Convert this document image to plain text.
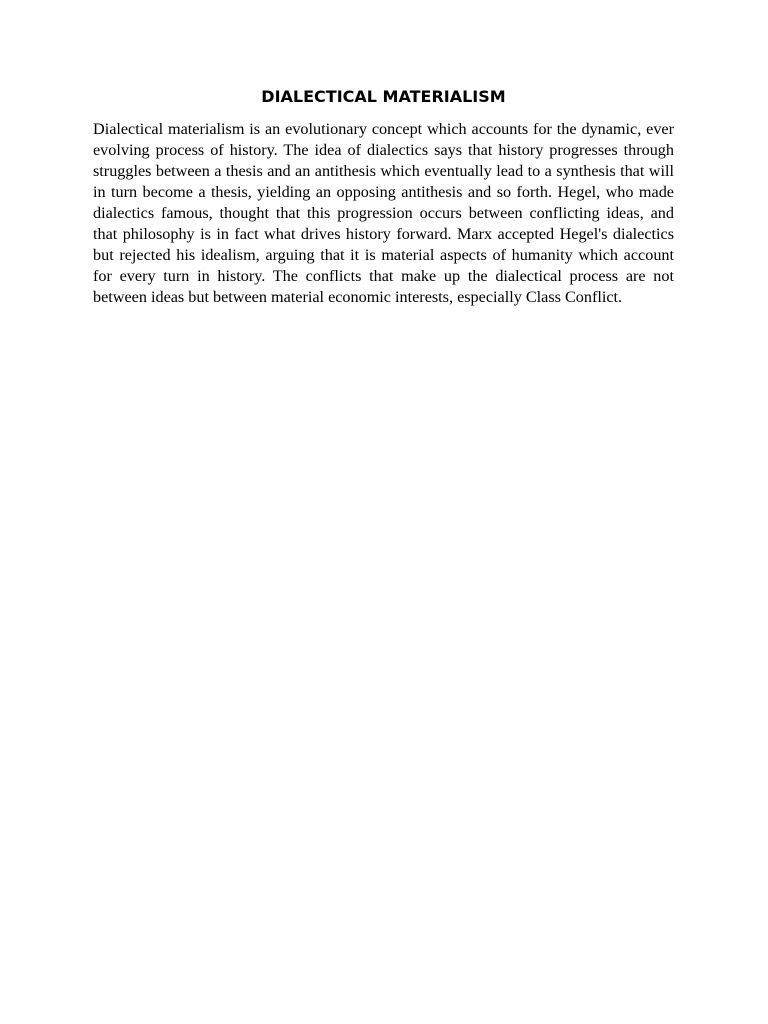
DIALECTICAL MATERIALISM

Dialectical materialism is an evolutionary concept which accounts for the dynamic, ever evolving process of history. The idea of dialectics says that history progresses through struggles between a thesis and an antithesis which eventually lead to a synthesis that will in turn become a thesis, yielding an opposing antithesis and so forth. Hegel, who made dialectics famous, thought that this progression occurs between conflicting ideas, and that philosophy is in fact what drives history forward. Marx accepted Hegel's dialectics but rejected his idealism, arguing that it is material aspects of humanity which account for every turn in history. The conflicts that make up the dialectical process are not between ideas but between material economic interests, especially Class Conflict.
